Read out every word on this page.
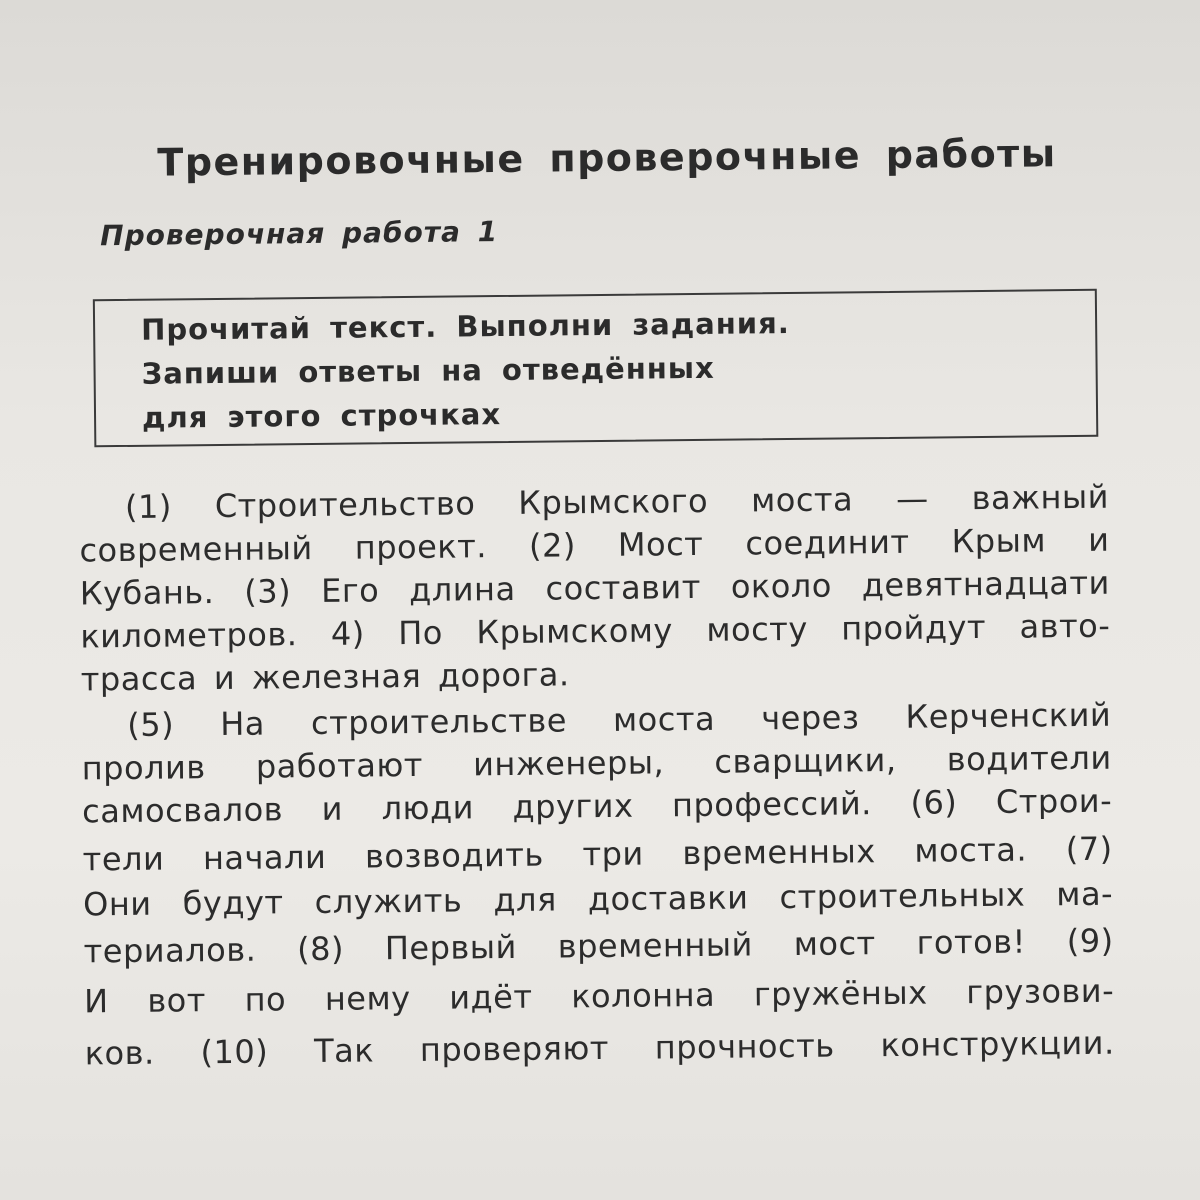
Тренировочные проверочные работы
Проверочная работа 1

Прочитай текст. Выполни задания.

Запиши ответы на отведённых

для этого строчках

(1) Строительство Крымского моста — важный

современный проект. (2) Мост соединит Крым и

Кубань. (3) Его длина составит около девятнадцати

километров. 4) По Крымскому мосту пройдут авто-

трасса и железная дорога.

(5) На строительстве моста через Керченский

пролив работают инженеры, сварщики, водители

самосвалов и люди других профессий. (6) Строи-

тели начали возводить три временных моста. (7)

Они будут служить для доставки строительных ма-

териалов. (8) Первый временный мост готов! (9)

И вот по нему идёт колонна гружёных грузови-

ков. (10) Так проверяют прочность конструкции.
